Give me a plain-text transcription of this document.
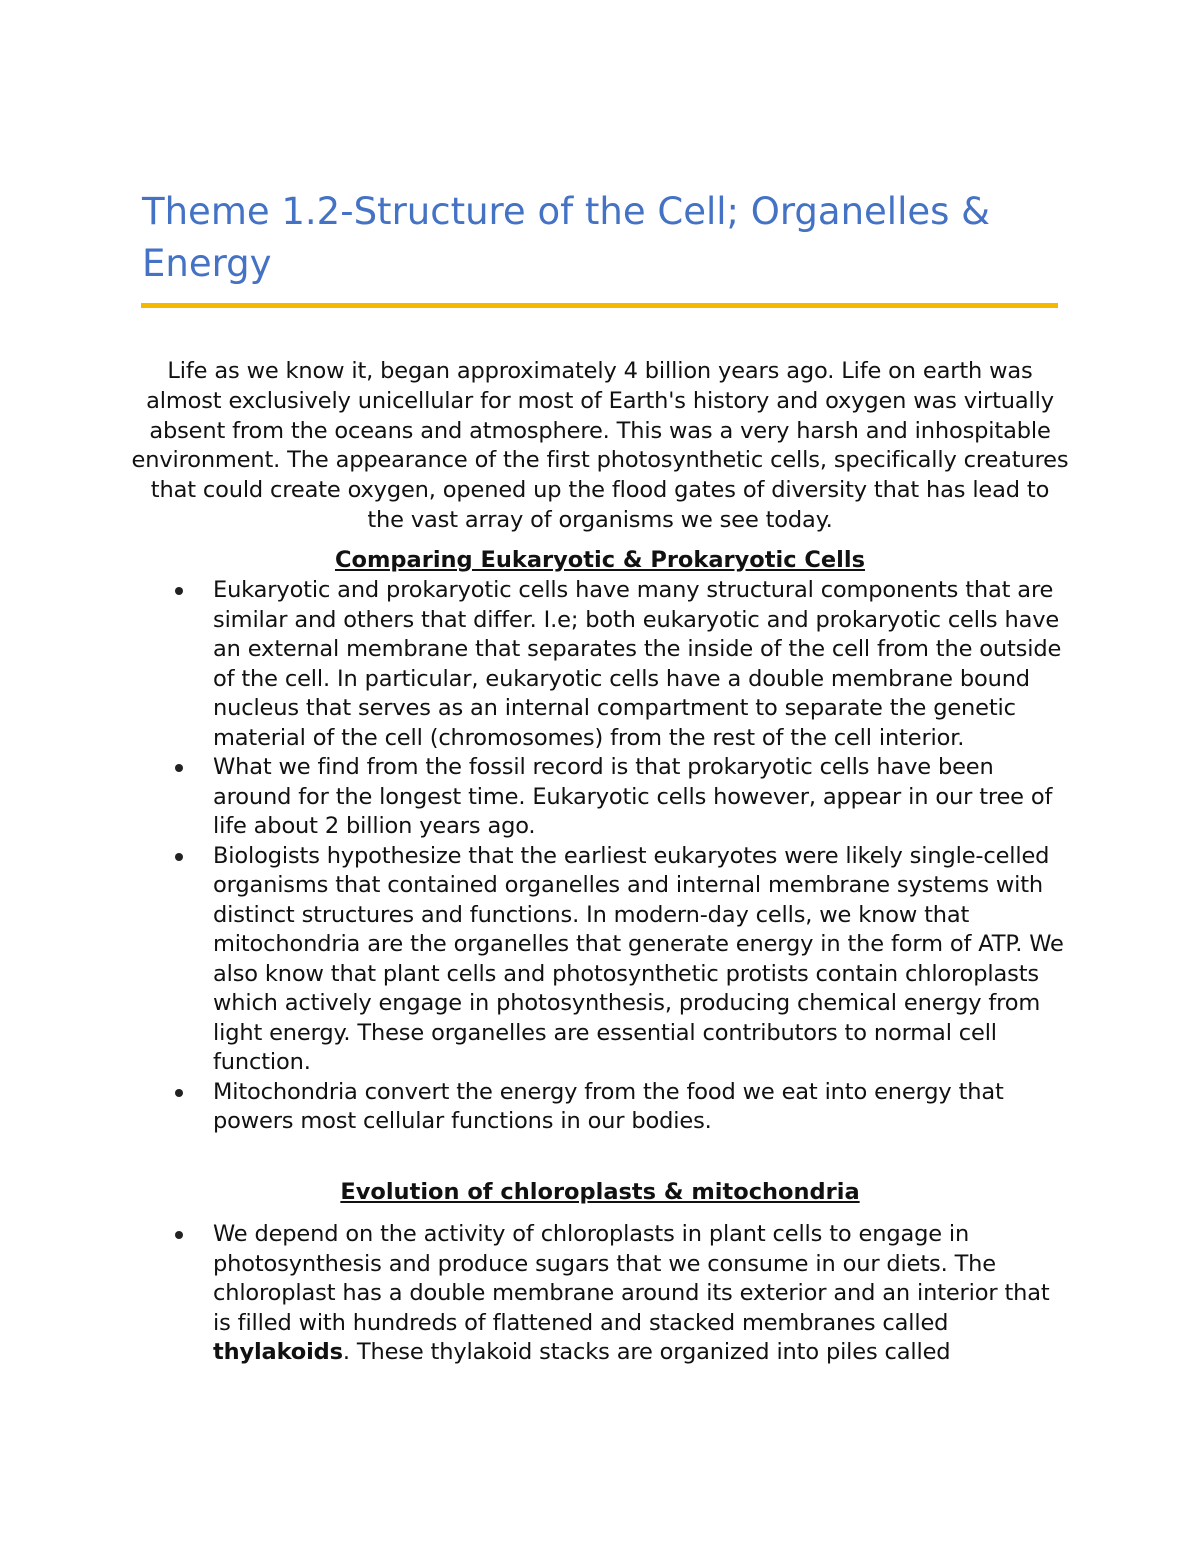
Theme 1.2-Structure of the Cell; Organelles & Energy

Life as we know it, began approximately 4 billion years ago. Life on earth was almost exclusively unicellular for most of Earth's history and oxygen was virtually absent from the oceans and atmosphere. This was a very harsh and inhospitable environment. The appearance of the first photosynthetic cells, specifically creatures that could create oxygen, opened up the flood gates of diversity that has lead to the vast array of organisms we see today.

Comparing Eukaryotic & Prokaryotic Cells
Eukaryotic and prokaryotic cells have many structural components that are similar and others that differ. I.e; both eukaryotic and prokaryotic cells have an external membrane that separates the inside of the cell from the outside of the cell. In particular, eukaryotic cells have a double membrane bound nucleus that serves as an internal compartment to separate the genetic material of the cell (chromosomes) from the rest of the cell interior.
What we find from the fossil record is that prokaryotic cells have been around for the longest time. Eukaryotic cells however, appear in our tree of life about 2 billion years ago.
Biologists hypothesize that the earliest eukaryotes were likely single-celled organisms that contained organelles and internal membrane systems with distinct structures and functions. In modern-day cells, we know that mitochondria are the organelles that generate energy in the form of ATP. We also know that plant cells and photosynthetic protists contain chloroplasts which actively engage in photosynthesis, producing chemical energy from light energy. These organelles are essential contributors to normal cell function.
Mitochondria convert the energy from the food we eat into energy that powers most cellular functions in our bodies.
Evolution of chloroplasts & mitochondria
We depend on the activity of chloroplasts in plant cells to engage in photosynthesis and produce sugars that we consume in our diets. The chloroplast has a double membrane around its exterior and an interior that is filled with hundreds of flattened and stacked membranes called thylakoids. These thylakoid stacks are organized into piles called
